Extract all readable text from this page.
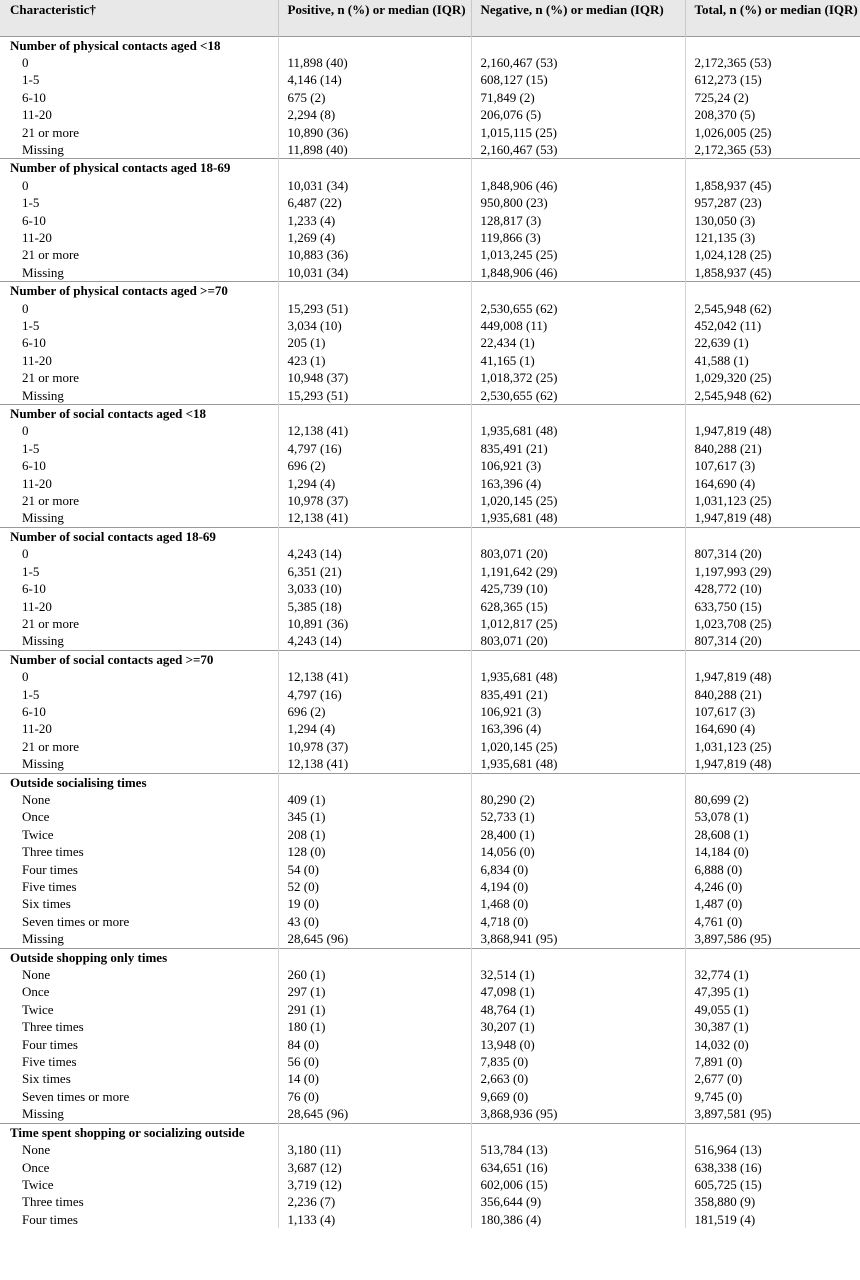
Characteristic†	Positive, n (%) or median (IQR)	Negative, n (%) or median (IQR)	Total, n (%) or median (IQR)
Number of physical contacts aged <18			
0	11,898 (40)	2,160,467 (53)	2,172,365 (53)
1-5	4,146 (14)	608,127 (15)	612,273 (15)
6-10	675 (2)	71,849 (2)	725,24 (2)
11-20	2,294 (8)	206,076 (5)	208,370 (5)
21 or more	10,890 (36)	1,015,115 (25)	1,026,005 (25)
Missing	11,898 (40)	2,160,467 (53)	2,172,365 (53)
Number of physical contacts aged 18-69			
0	10,031 (34)	1,848,906 (46)	1,858,937 (45)
1-5	6,487 (22)	950,800 (23)	957,287 (23)
6-10	1,233 (4)	128,817 (3)	130,050 (3)
11-20	1,269 (4)	119,866 (3)	121,135 (3)
21 or more	10,883 (36)	1,013,245 (25)	1,024,128 (25)
Missing	10,031 (34)	1,848,906 (46)	1,858,937 (45)
Number of physical contacts aged >=70			
0	15,293 (51)	2,530,655 (62)	2,545,948 (62)
1-5	3,034 (10)	449,008 (11)	452,042 (11)
6-10	205 (1)	22,434 (1)	22,639 (1)
11-20	423 (1)	41,165 (1)	41,588 (1)
21 or more	10,948 (37)	1,018,372 (25)	1,029,320 (25)
Missing	15,293 (51)	2,530,655 (62)	2,545,948 (62)
Number of social contacts aged <18			
0	12,138 (41)	1,935,681 (48)	1,947,819 (48)
1-5	4,797 (16)	835,491 (21)	840,288 (21)
6-10	696 (2)	106,921 (3)	107,617 (3)
11-20	1,294 (4)	163,396 (4)	164,690 (4)
21 or more	10,978 (37)	1,020,145 (25)	1,031,123 (25)
Missing	12,138 (41)	1,935,681 (48)	1,947,819 (48)
Number of social contacts aged 18-69			
0	4,243 (14)	803,071 (20)	807,314 (20)
1-5	6,351 (21)	1,191,642 (29)	1,197,993 (29)
6-10	3,033 (10)	425,739 (10)	428,772 (10)
11-20	5,385 (18)	628,365 (15)	633,750 (15)
21 or more	10,891 (36)	1,012,817 (25)	1,023,708 (25)
Missing	4,243 (14)	803,071 (20)	807,314 (20)
Number of social contacts aged >=70			
0	12,138 (41)	1,935,681 (48)	1,947,819 (48)
1-5	4,797 (16)	835,491 (21)	840,288 (21)
6-10	696 (2)	106,921 (3)	107,617 (3)
11-20	1,294 (4)	163,396 (4)	164,690 (4)
21 or more	10,978 (37)	1,020,145 (25)	1,031,123 (25)
Missing	12,138 (41)	1,935,681 (48)	1,947,819 (48)
Outside socialising times			
None	409 (1)	80,290 (2)	80,699 (2)
Once	345 (1)	52,733 (1)	53,078 (1)
Twice	208 (1)	28,400 (1)	28,608 (1)
Three times	128 (0)	14,056 (0)	14,184 (0)
Four times	54 (0)	6,834 (0)	6,888 (0)
Five times	52 (0)	4,194 (0)	4,246 (0)
Six times	19 (0)	1,468 (0)	1,487 (0)
Seven times or more	43 (0)	4,718 (0)	4,761 (0)
Missing	28,645 (96)	3,868,941 (95)	3,897,586 (95)
Outside shopping only times			
None	260 (1)	32,514 (1)	32,774 (1)
Once	297 (1)	47,098 (1)	47,395 (1)
Twice	291 (1)	48,764 (1)	49,055 (1)
Three times	180 (1)	30,207 (1)	30,387 (1)
Four times	84 (0)	13,948 (0)	14,032 (0)
Five times	56 (0)	7,835 (0)	7,891 (0)
Six times	14 (0)	2,663 (0)	2,677 (0)
Seven times or more	76 (0)	9,669 (0)	9,745 (0)
Missing	28,645 (96)	3,868,936 (95)	3,897,581 (95)
Time spent shopping or socializing outside			
None	3,180 (11)	513,784 (13)	516,964 (13)
Once	3,687 (12)	634,651 (16)	638,338 (16)
Twice	3,719 (12)	602,006 (15)	605,725 (15)
Three times	2,236 (7)	356,644 (9)	358,880 (9)
Four times	1,133 (4)	180,386 (4)	181,519 (4)
